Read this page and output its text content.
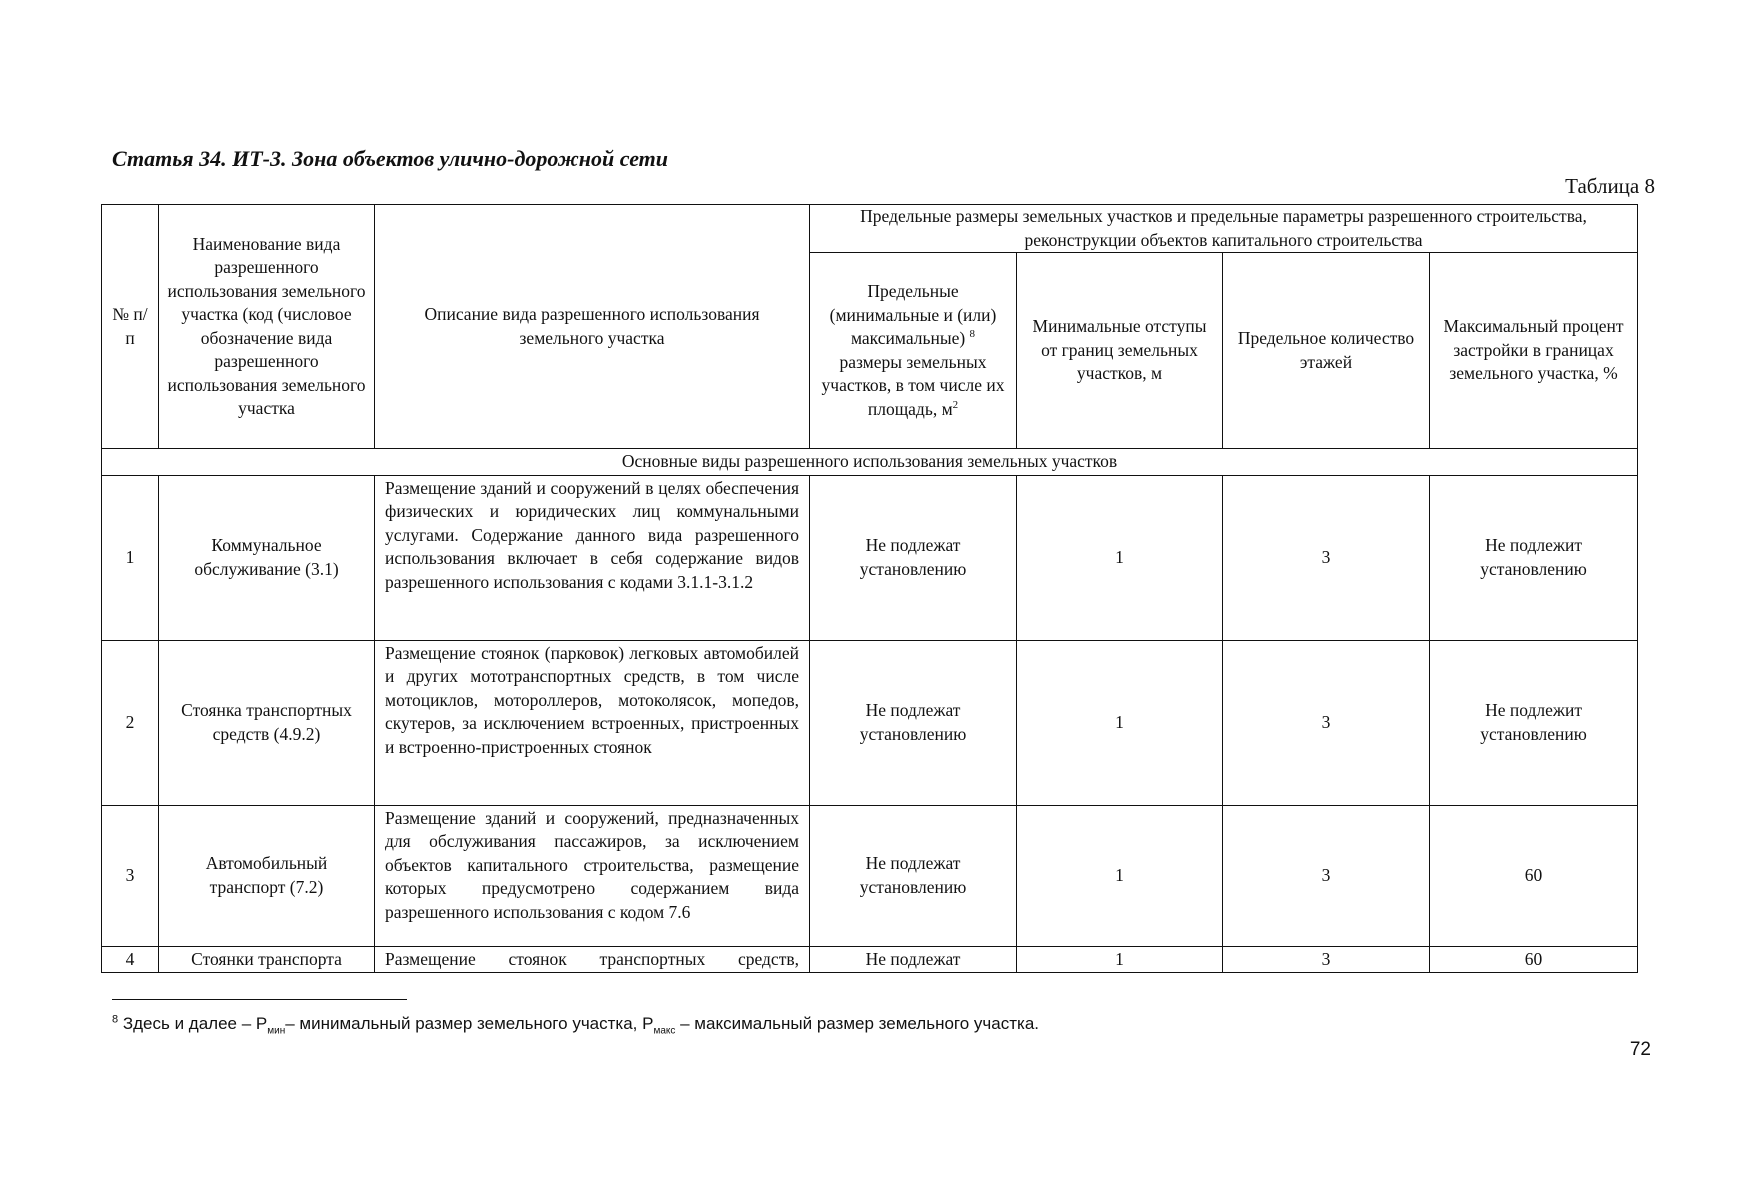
Статья 34. ИТ-3. Зона объектов улично-дорожной сети
Таблица 8
№ п/п	Наименование вида разрешенного использования земельного участка (код (числовое обозначение вида разрешенного использования земельного участка	Описание вида разрешенного использования земельного участка	Предельные размеры земельных участков и предельные параметры разрешенного строительства, реконструкции объектов капитального строительства			
			Предельные (минимальные и (или) максимальные) $^8$ размеры земельных участков, в том числе их площадь, $м^2$	Минимальные отступы от границ земельных участков, м	Предельное количество этажей	Максимальный процент застройки в границах земельного участка, %
Основные виды разрешенного использования земельных участков						
1	Коммунальное обслуживание (3.1)	Размещение зданий и сооружений в целях обеспечения физических и юридических лиц коммунальными услугами. Содержание данного вида разрешенного использования включает в себя содержание видов разрешенного использования с кодами 3.1.1-3.1.2	Не подлежат установлению	1	3	Не подлежит установлению
2	Стоянка транспортных средств (4.9.2)	Размещение стоянок (парковок) легковых автомобилей и других мототранспортных средств, в том числе мотоциклов, мотороллеров, мотоколясок, мопедов, скутеров, за исключением встроенных, пристроенных и встроенно-пристроенных стоянок	Не подлежат установлению	1	3	Не подлежит установлению
3	Автомобильный транспорт (7.2)	Размещение зданий и сооружений, предназначенных для обслуживания пассажиров, за исключением объектов капитального строительства, размещение которых предусмотрено содержанием вида разрешенного использования с кодом 7.6	Не подлежат установлению	1	3	60
4	Стоянки транспорта	Размещение стоянок транспортных средств,	Не подлежат	1	3	60
$^8$ Здесь и далее – $Р_{мин}-$ минимальный размер земельного участка, $Р_{макс}$ – максимальный размер земельного участка.
72
